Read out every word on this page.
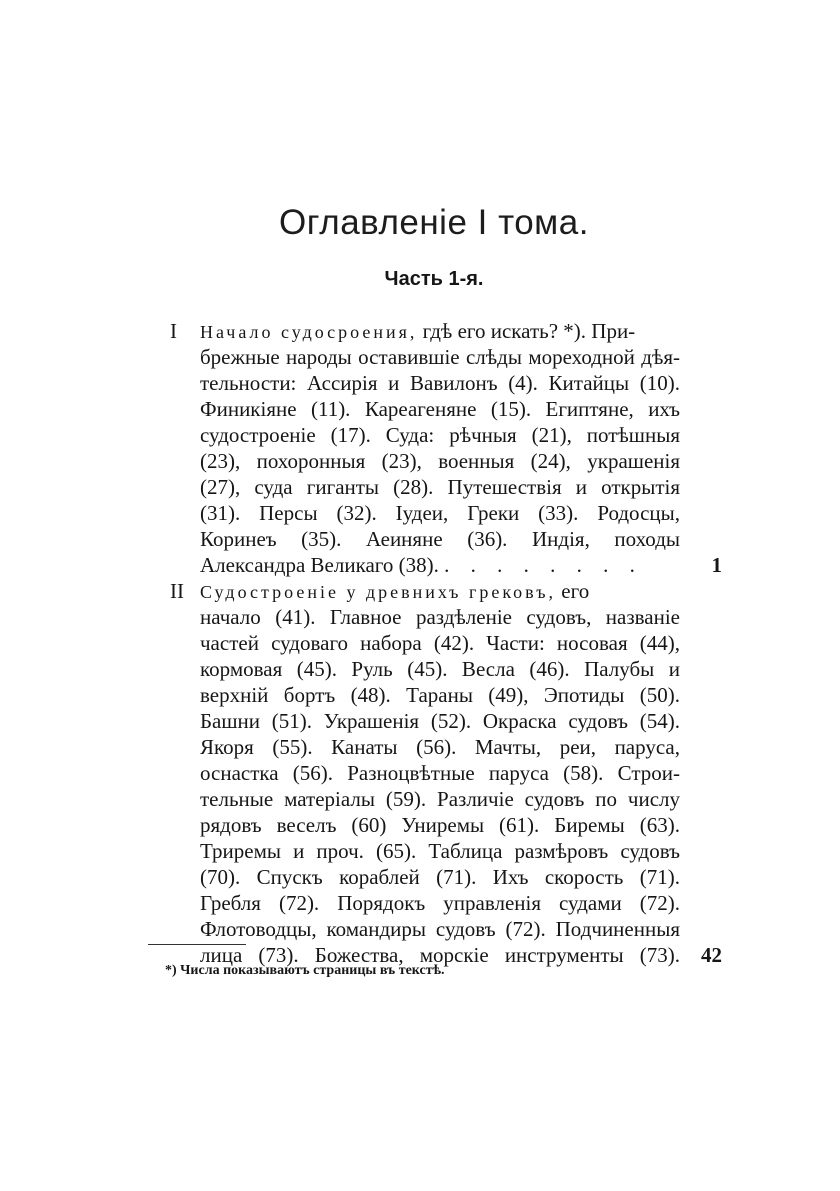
Оглавленiе I тома.
Часть 1-я.
I Начало судосроения, гдѣ его искать? *). При-
брежные народы оставившiе слѣды мореходной дѣя-
тельности: Ассирiя и Вавилонъ (4). Китайцы (10).
Финикiяне (11). Кареагеняне (15). Египтяне, ихъ
судостроенiе (17). Суда: рѣчныя (21), потѣшныя
(23), похоронныя (23), военныя (24), украшенiя
(27), суда гиганты (28). Путешествiя и открытiя
(31). Персы (32). Iудеи, Греки (33). Родосцы,
Коринеъ (35). Аеиняне (36). Индiя, походы
Александра Великаго (38). . . . . . . . .	1
II Судостроенiе у древнихъ грековъ, его
начало (41). Главное раздѣленiе судовъ, названiе
частей судоваго набора (42). Части: носовая (44),
кормовая (45). Руль (45). Весла (46). Палубы и
верхнiй бортъ (48). Тараны (49), Эпотиды (50).
Башни (51). Украшенiя (52). Окраска судовъ (54).
Якоря (55). Канаты (56). Мачты, реи, паруса,
оснастка (56). Разноцвѣтные паруса (58). Строи-
тельные матерiалы (59). Различiе судовъ по числу
рядовъ веселъ (60) Униремы (61). Биремы (63).
Триремы и проч. (65). Таблица размѣровъ судовъ
(70). Спускъ кораблей (71). Ихъ скорость (71).
Гребля (72). Порядокъ управленiя судами (72).
Флотоводцы, командиры судовъ (72). Подчиненныя
лица (73). Божества, морскiе инструменты (73).	42
*) Числа показываютъ страницы въ текстѣ.
